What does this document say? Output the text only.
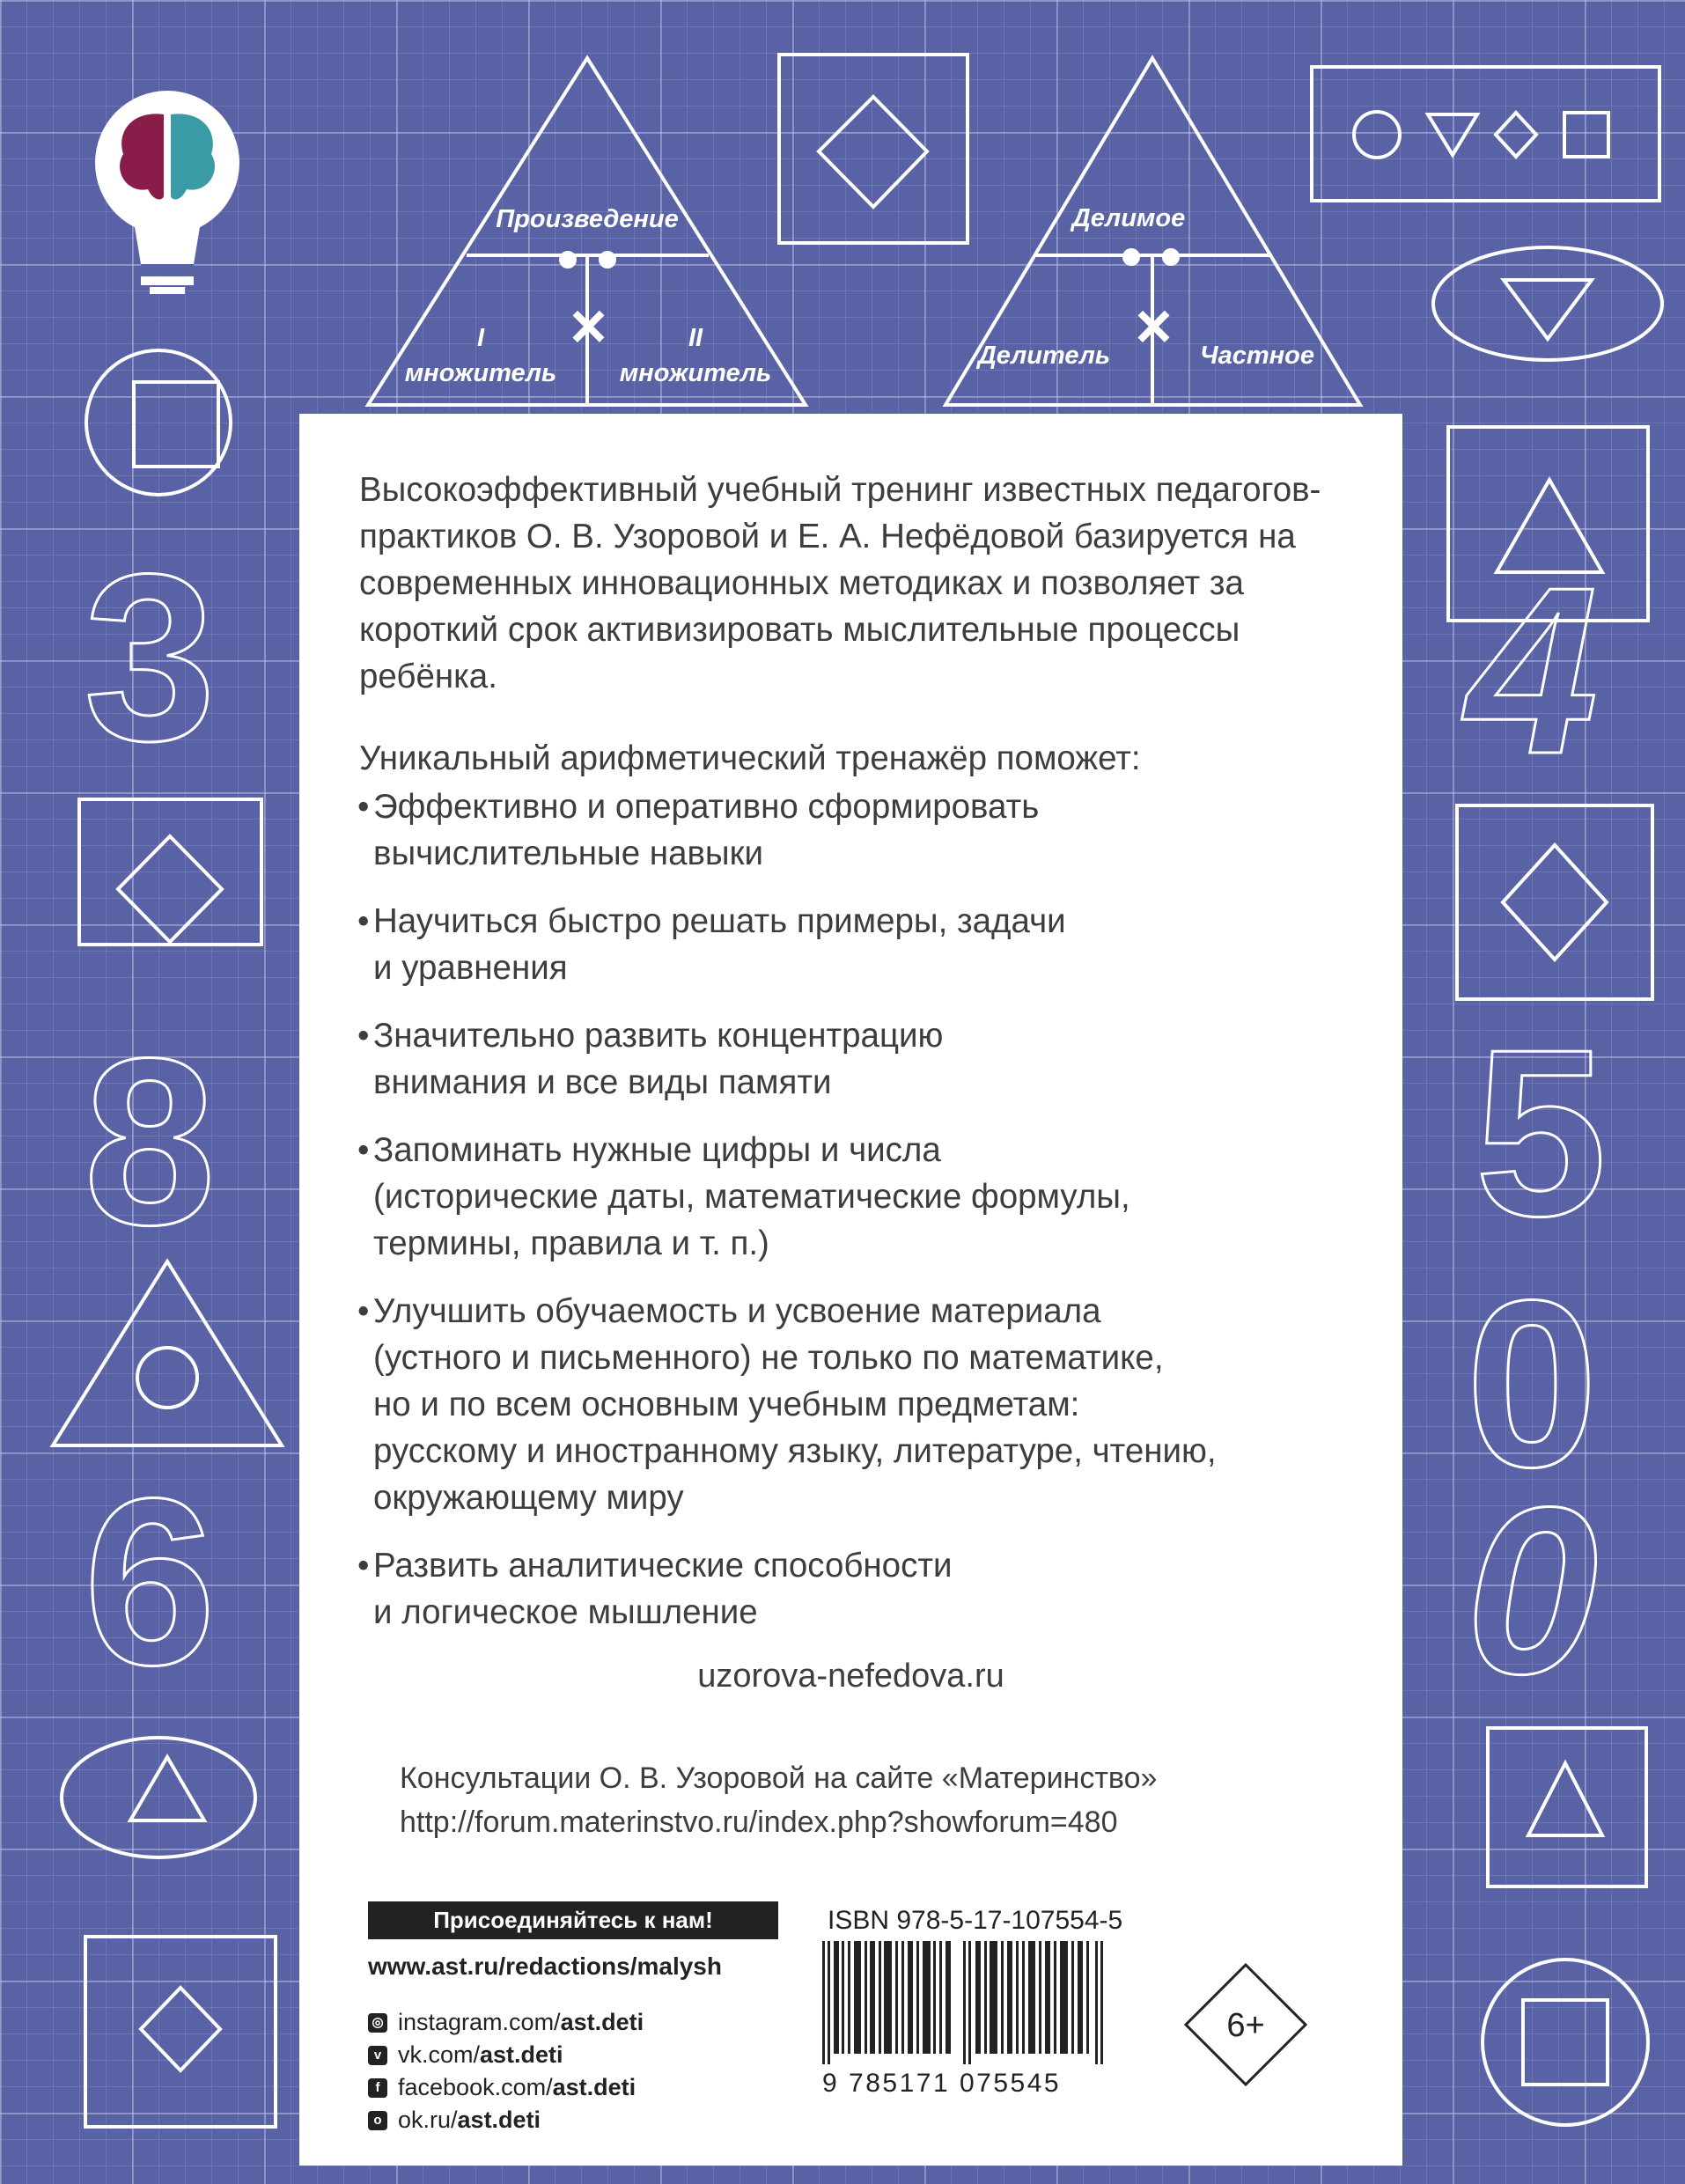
Произведение
I
множитель
II
множитель
×
Делимое
Делитель	Частное
×
3
8
6
4
5
0
0

Высокоэффективный учебный тренинг известных педагогов-практиков О. В. Узоровой и Е. А. Нефёдовой базируется на современных инновационных методиках и позволяет за короткий срок активизировать мыслительные процессы ребёнка.

Уникальный арифметический тренажёр поможет:

• Эффективно и оперативно сформировать
вычислительные навыки
• Научиться быстро решать примеры, задачи
и уравнения
• Значительно развить концентрацию
внимания и все виды памяти
• Запоминать нужные цифры и числа
(исторические даты, математические формулы,
термины, правила и т. п.)
• Улучшить обучаемость и усвоение материала
(устного и письменного) не только по математике,
но и по всем основным учебным предметам:
русскому и иностранному языку, литературе, чтению,
окружающему миру
• Развить аналитические способности
и логическое мышление
uzorova-nefedova.ru

Консультации О. В. Узоровой на сайте «Материнство»
http://forum.materinstvo.ru/index.php?showforum=480

Присоединяйтесь к нам!
www.ast.ru/redactions/malysh
◎ instagram.com/ ast.deti
v vk.com/ ast.deti
f facebook.com/ ast.deti
o ok.ru/ ast.deti
ISBN 978-5-17-107554-5
9 785171 075545
6+
